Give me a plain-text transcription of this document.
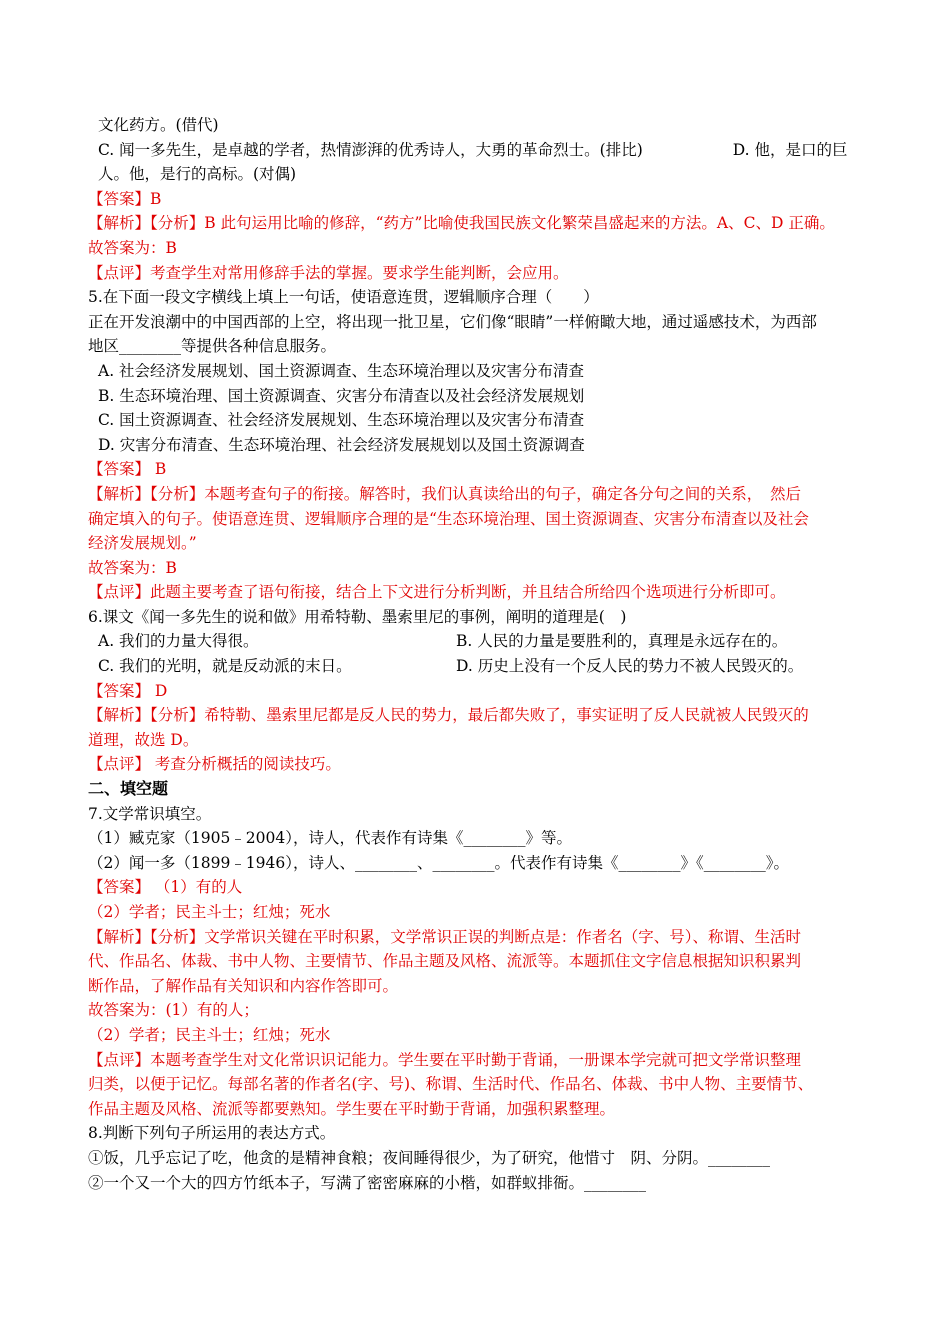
文化药方。(借代)
C. 闻一多先生，是卓越的学者，热情澎湃的优秀诗人，大勇的革命烈士。(排比)	D. 他，是口的巨
人。他，是行的高标。(对偶)
【答案】B
【解析】【分析】B 此句运用比喻的修辞，“药方”比喻使我国民族文化繁荣昌盛起来的方法。A、C、D 正确。
故答案为：B
【点评】考查学生对常用修辞手法的掌握。要求学生能判断，会应用。
5.在下面一段文字横线上填上一句话，使语意连贯，逻辑顺序合理（　　）
正在开发浪潮中的中国西部的上空，将出现一批卫星，它们像“眼睛”一样俯瞰大地，通过遥感技术，为西部
地区________等提供各种信息服务。
A. 社会经济发展规划、国土资源调查、生态环境治理以及灾害分布清查
B. 生态环境治理、国土资源调查、灾害分布清查以及社会经济发展规划
C. 国土资源调查、社会经济发展规划、生态环境治理以及灾害分布清查
D. 灾害分布清查、生态环境治理、社会经济发展规划以及国土资源调查
【答案】 B
【解析】【分析】本题考查句子的衔接。解答时，我们认真读给出的句子，确定各分句之间的关系，　然后
确定填入的句子。使语意连贯、逻辑顺序合理的是“生态环境治理、国土资源调查、灾害分布清查以及社会
经济发展规划。”
故答案为：B
【点评】此题主要考查了语句衔接，结合上下文进行分析判断，并且结合所给四个选项进行分析即可。
6.课文《闻一多先生的说和做》用希特勒、墨索里尼的事例，阐明的道理是(　)
A. 我们的力量大得很。	B. 人民的力量是要胜利的，真理是永远存在的。
C. 我们的光明，就是反动派的末日。	D. 历史上没有一个反人民的势力不被人民毁灭的。
【答案】 D
【解析】【分析】希特勒、墨索里尼都是反人民的势力，最后都失败了，事实证明了反人民就被人民毁灭的
道理，故选 D。
【点评】 考查分析概括的阅读技巧。
二、填空题
7.文学常识填空。
（1）臧克家（1905﹣2004），诗人，代表作有诗集《________》等。
（2）闻一多（1899﹣1946），诗人、________、________。代表作有诗集《________》《________》。
【答案】 （1）有的人
（2）学者；民主斗士；红烛；死水
【解析】【分析】文学常识关键在平时积累，文学常识正误的判断点是：作者名（字、号）、称谓、生活时
代、作品名、体裁、书中人物、主要情节、作品主题及风格、流派等。本题抓住文字信息根据知识积累判
断作品，了解作品有关知识和内容作答即可。
故答案为：(1）有的人；
（2）学者；民主斗士；红烛；死水
【点评】本题考查学生对文化常识识记能力。学生要在平时勤于背诵，一册课本学完就可把文学常识整理
归类，以便于记忆。每部名著的作者名(字、号)、称谓、生活时代、作品名、体裁、书中人物、主要情节、
作品主题及风格、流派等都要熟知。学生要在平时勤于背诵，加强积累整理。
8.判断下列句子所运用的表达方式。
①饭，几乎忘记了吃，他贪的是精神食粮；夜间睡得很少，为了研究，他惜寸　阴、分阴。________
②一个又一个大的四方竹纸本子，写满了密密麻麻的小楷，如群蚁排衙。________
